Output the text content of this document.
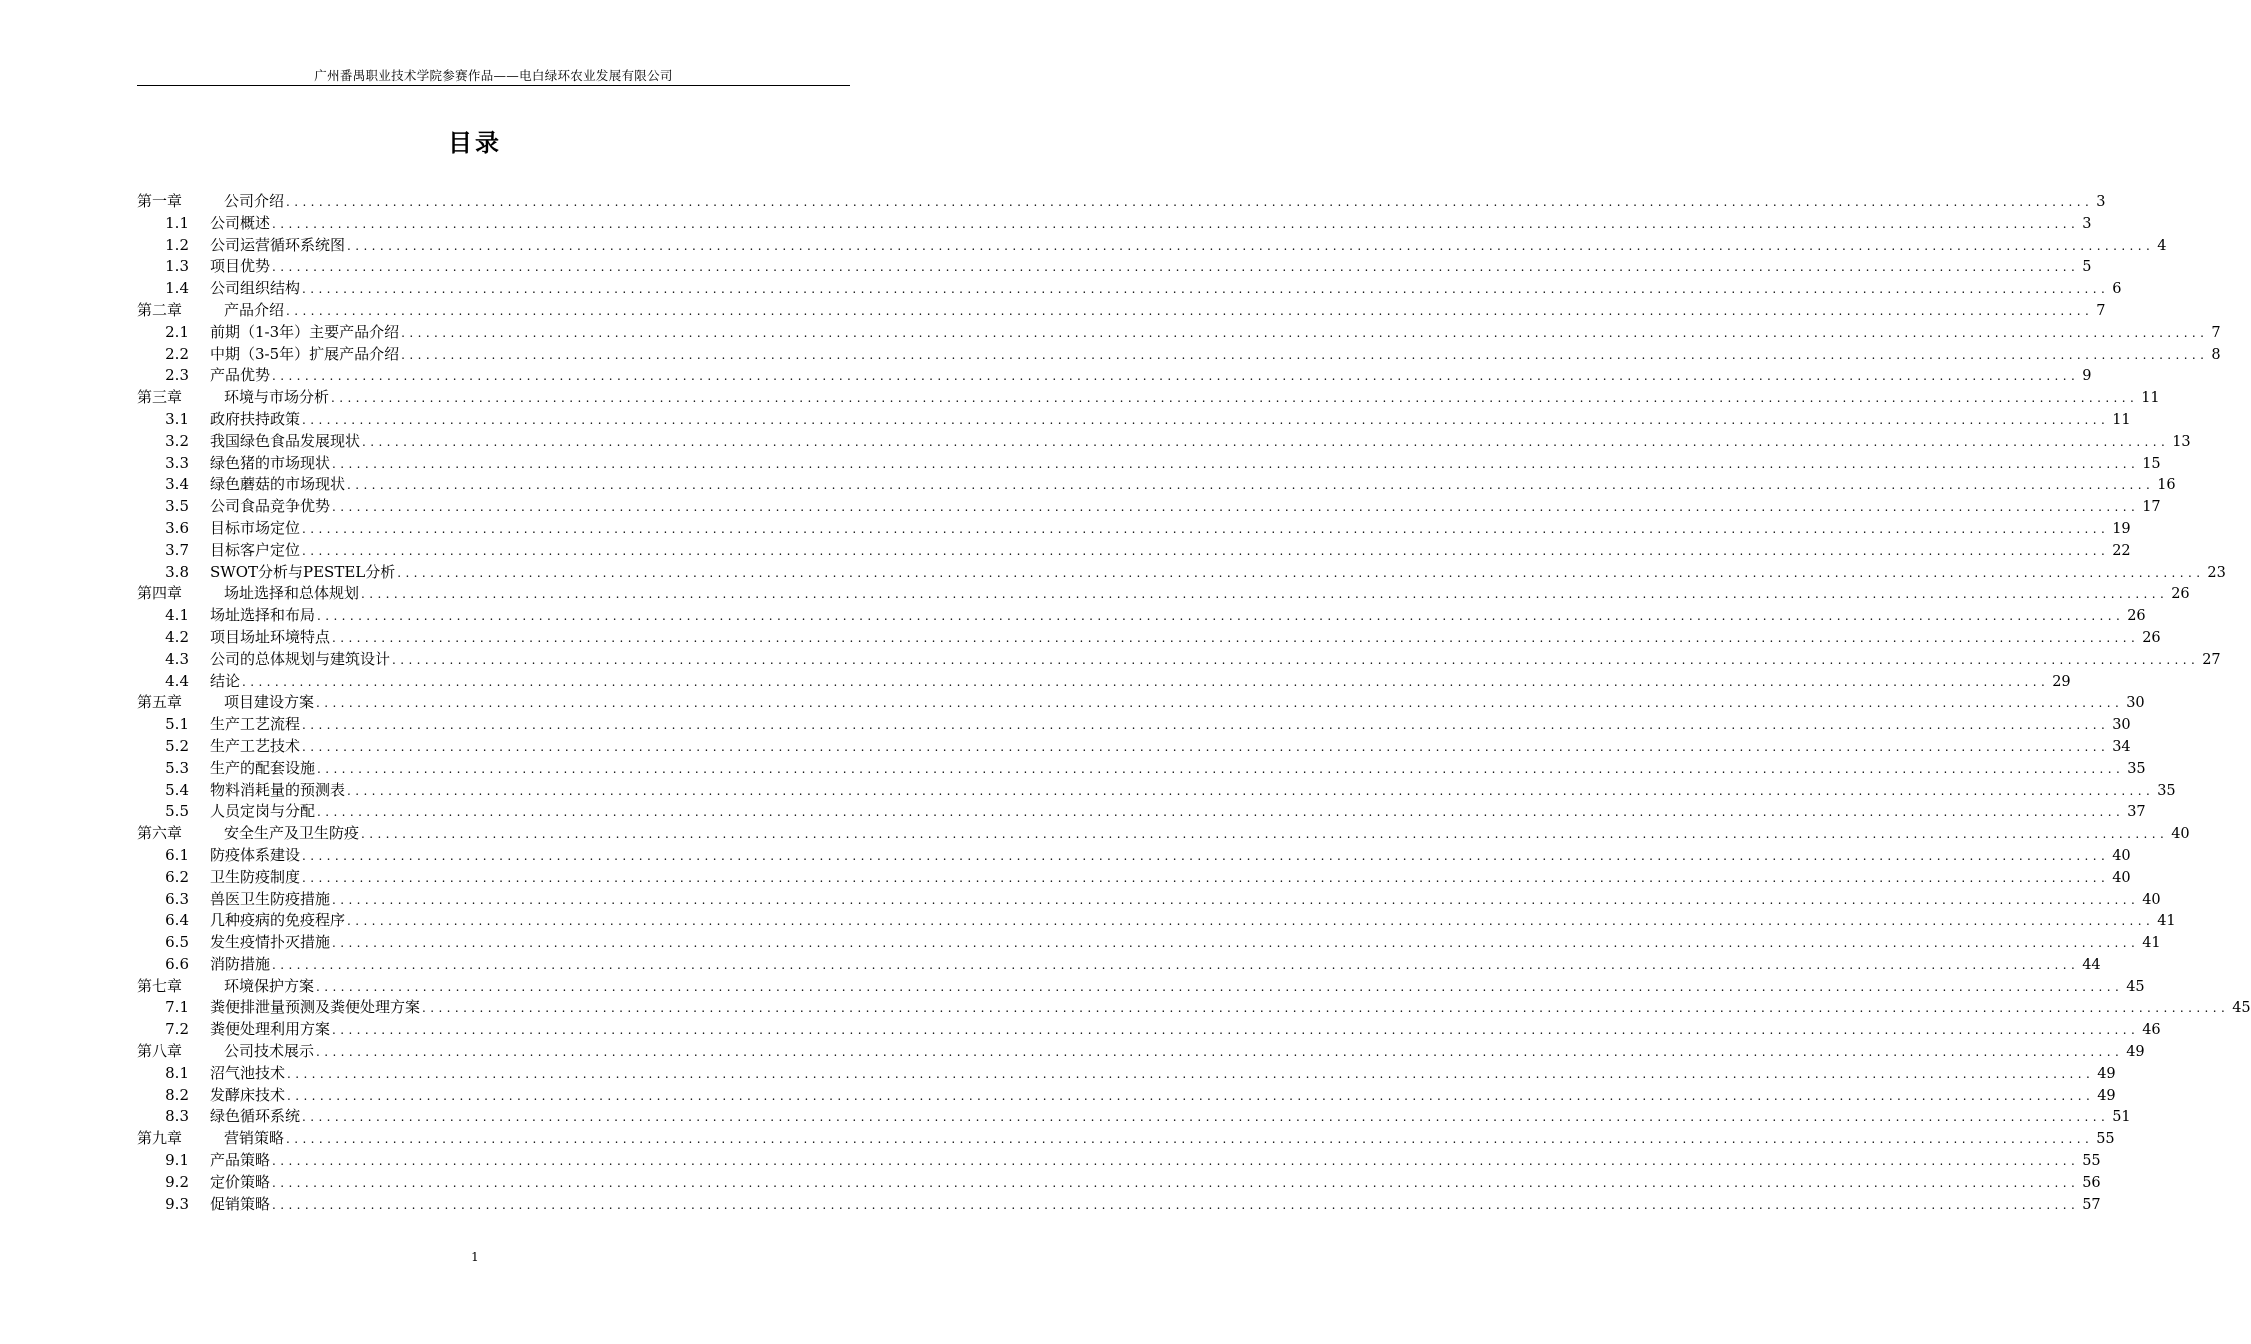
广州番禺职业技术学院参赛作品——电白绿环农业发展有限公司
目录
第一章	公司介绍 ............................................................................................................................................................................................................................ 3
1.1	公司概述 ............................................................................................................................................................................................................................ 3
1.2	公司运营循环系统图 ............................................................................................................................................................................................................................ 4
1.3	项目优势 ............................................................................................................................................................................................................................ 5
1.4	公司组织结构 ............................................................................................................................................................................................................................ 6
第二章	产品介绍 ............................................................................................................................................................................................................................ 7
2.1	前期（1-3年）主要产品介绍 ............................................................................................................................................................................................................................ 7
2.2	中期（3-5年）扩展产品介绍 ............................................................................................................................................................................................................................ 8
2.3	产品优势 ............................................................................................................................................................................................................................ 9
第三章	环境与市场分析 ............................................................................................................................................................................................................................ 11
3.1	政府扶持政策 ............................................................................................................................................................................................................................ 11
3.2	我国绿色食品发展现状 ............................................................................................................................................................................................................................ 13
3.3	绿色猪的市场现状 ............................................................................................................................................................................................................................ 15
3.4	绿色蘑菇的市场现状 ............................................................................................................................................................................................................................ 16
3.5	公司食品竞争优势 ............................................................................................................................................................................................................................ 17
3.6	目标市场定位 ............................................................................................................................................................................................................................ 19
3.7	目标客户定位 ............................................................................................................................................................................................................................ 22
3.8	SWOT分析与PESTEL分析 ............................................................................................................................................................................................................................ 23
第四章	场址选择和总体规划 ............................................................................................................................................................................................................................ 26
4.1	场址选择和布局 ............................................................................................................................................................................................................................ 26
4.2	项目场址环境特点 ............................................................................................................................................................................................................................ 26
4.3	公司的总体规划与建筑设计 ............................................................................................................................................................................................................................ 27
4.4	结论 ............................................................................................................................................................................................................................ 29
第五章	项目建设方案 ............................................................................................................................................................................................................................ 30
5.1	生产工艺流程 ............................................................................................................................................................................................................................ 30
5.2	生产工艺技术 ............................................................................................................................................................................................................................ 34
5.3	生产的配套设施 ............................................................................................................................................................................................................................ 35
5.4	物料消耗量的预测表 ............................................................................................................................................................................................................................ 35
5.5	人员定岗与分配 ............................................................................................................................................................................................................................ 37
第六章	安全生产及卫生防疫 ............................................................................................................................................................................................................................ 40
6.1	防疫体系建设 ............................................................................................................................................................................................................................ 40
6.2	卫生防疫制度 ............................................................................................................................................................................................................................ 40
6.3	兽医卫生防疫措施 ............................................................................................................................................................................................................................ 40
6.4	几种疫病的免疫程序 ............................................................................................................................................................................................................................ 41
6.5	发生疫情扑灭措施 ............................................................................................................................................................................................................................ 41
6.6	消防措施 ............................................................................................................................................................................................................................ 44
第七章	环境保护方案 ............................................................................................................................................................................................................................ 45
7.1	粪便排泄量预测及粪便处理方案 ............................................................................................................................................................................................................................ 45
7.2	粪便处理利用方案 ............................................................................................................................................................................................................................ 46
第八章	公司技术展示 ............................................................................................................................................................................................................................ 49
8.1	沼气池技术 ............................................................................................................................................................................................................................ 49
8.2	发酵床技术 ............................................................................................................................................................................................................................ 49
8.3	绿色循环系统 ............................................................................................................................................................................................................................ 51
第九章	营销策略 ............................................................................................................................................................................................................................ 55
9.1	产品策略 ............................................................................................................................................................................................................................ 55
9.2	定价策略 ............................................................................................................................................................................................................................ 56
9.3	促销策略 ............................................................................................................................................................................................................................ 57
1
